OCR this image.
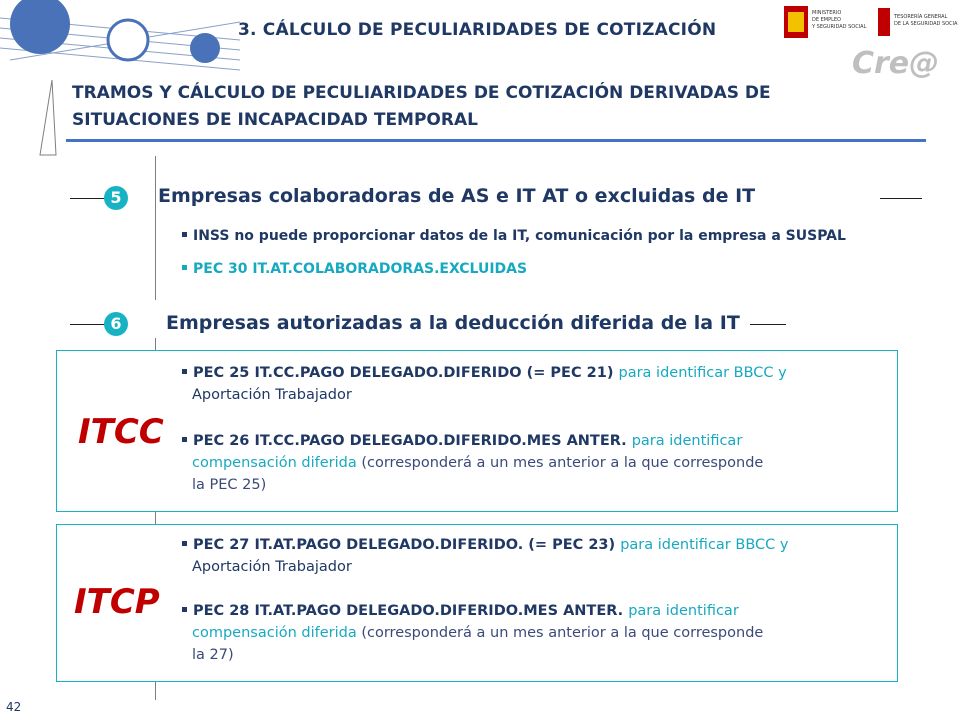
3. CÁLCULO DE PECULIARIDADES DE COTIZACIÓN
MINISTERIO
DE EMPLEO
Y SEGURIDAD SOCIAL
TESORERÍA GENERAL
DE LA SEGURIDAD SOCIAL
Cre@
TRAMOS Y CÁLCULO DE PECULIARIDADES DE COTIZACIÓN DERIVADAS DE
SITUACIONES DE INCAPACIDAD TEMPORAL
5	Empresas colaboradoras de AS e IT AT o excluidas de IT
INSS no puede proporcionar datos de la IT, comunicación por la empresa a SUSPAL
PEC 30 IT.AT.COLABORADORAS.EXCLUIDAS
6	Empresas autorizadas a la deducción diferida de la IT
ITCC
PEC 25 IT.CC.PAGO DELEGADO.DIFERIDO (= PEC 21) para identificar BBCC y
Aportación Trabajador
PEC 26 IT.CC.PAGO DELEGADO.DIFERIDO.MES ANTER. para identificar
compensación diferida (corresponderá a un mes anterior a la que corresponde
la PEC 25)
ITCP
PEC 27 IT.AT.PAGO DELEGADO.DIFERIDO. (= PEC 23) para identificar BBCC y
Aportación Trabajador
PEC 28 IT.AT.PAGO DELEGADO.DIFERIDO.MES ANTER. para identificar
compensación diferida (corresponderá a un mes anterior a la que corresponde
la 27)
42
